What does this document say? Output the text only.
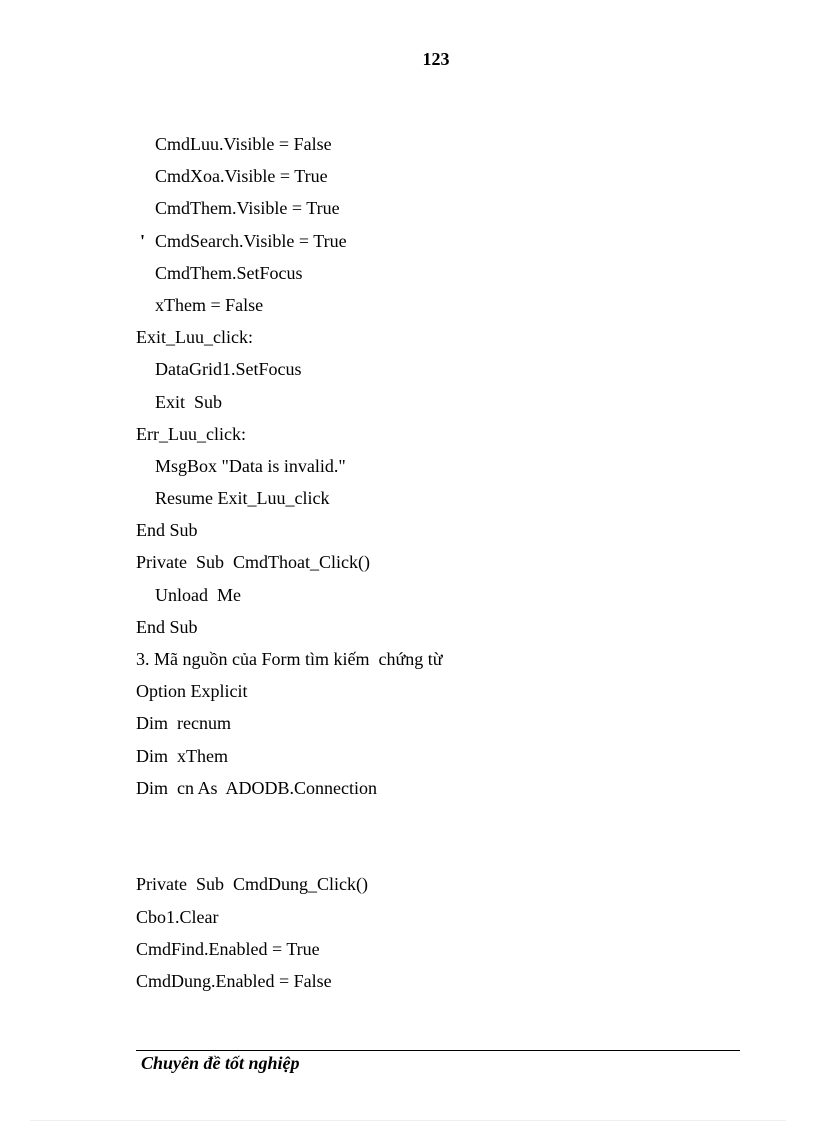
123
CmdLuu.Visible = False
CmdXoa.Visible = True
CmdThem.Visible = True
' CmdSearch.Visible = True
CmdThem.SetFocus
xThem = False
Exit_Luu_click:
DataGrid1.SetFocus
Exit  Sub
Err_Luu_click:
MsgBox "Data is invalid."
Resume Exit_Luu_click
End Sub
Private  Sub  CmdThoat_Click()
Unload  Me
End Sub
3. Mã nguồn của Form tìm kiếm  chứng từ
Option Explicit
Dim  recnum
Dim  xThem
Dim  cn As  ADODB.Connection
Private  Sub  CmdDung_Click()
Cbo1.Clear
CmdFind.Enabled = True
CmdDung.Enabled = False
Chuyên đề tốt nghiệp
